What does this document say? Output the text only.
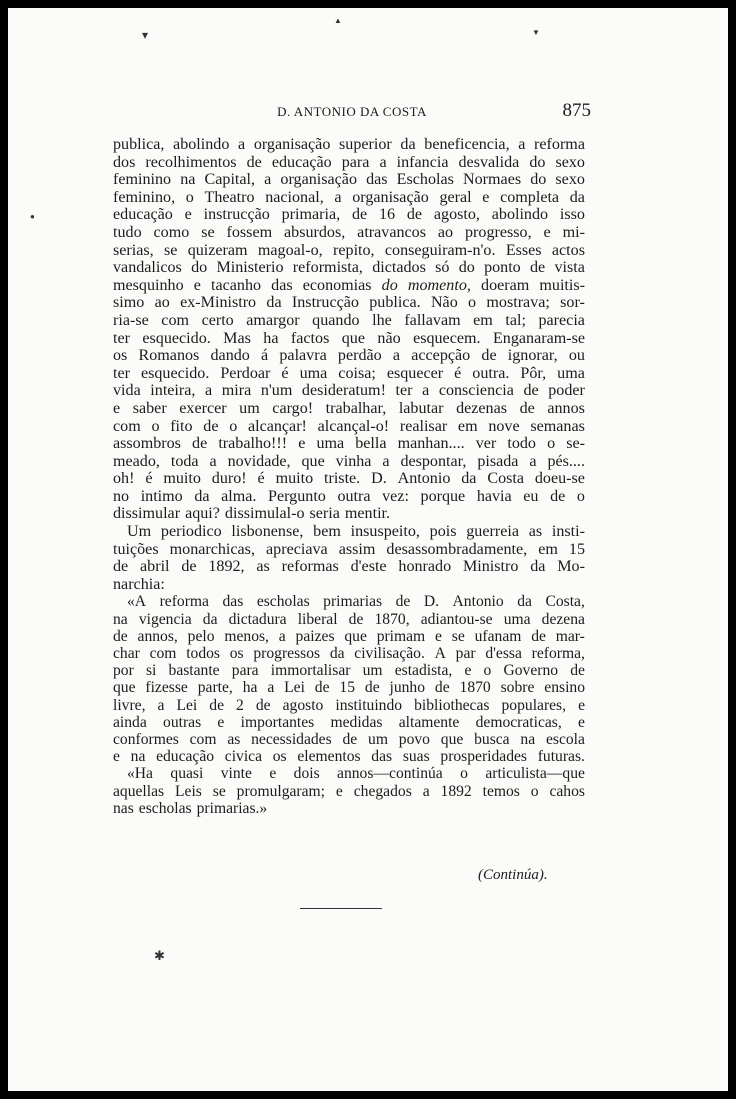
▾
▲
▼
●
D. ANTONIO DA COSTA	875
publica, abolindo a organisação superior da beneficencia, a reforma
dos recolhimentos de educação para a infancia desvalida do sexo
feminino na Capital, a organisação das Escholas Normaes do sexo
feminino, o Theatro nacional, a organisação geral e completa da
educação e instrucção primaria, de 16 de agosto, abolindo isso
tudo como se fossem absurdos, atravancos ao progresso, e mi-
serias, se quizeram magoal-o, repito, conseguiram-n'o. Esses actos
vandalicos do Ministerio reformista, dictados só do ponto de vista
mesquinho e tacanho das economias do momento, doeram muitis-
simo ao ex-Ministro da Instrucção publica. Não o mostrava; sor-
ria-se com certo amargor quando lhe fallavam em tal; parecia
ter esquecido. Mas ha factos que não esquecem. Enganaram-se
os Romanos dando á palavra perdão a accepção de ignorar, ou
ter esquecido. Perdoar é uma coisa; esquecer é outra. Pôr, uma
vida inteira, a mira n'um desideratum! ter a consciencia de poder
e saber exercer um cargo! trabalhar, labutar dezenas de annos
com o fito de o alcançar! alcançal-o! realisar em nove semanas
assombros de trabalho!!! e uma bella manhan.... ver todo o se-
meado, toda a novidade, que vinha a despontar, pisada a pés....
oh! é muito duro! é muito triste. D. Antonio da Costa doeu-se
no intimo da alma. Pergunto outra vez: porque havia eu de o
dissimular aqui? dissimulal-o seria mentir.
Um periodico lisbonense, bem insuspeito, pois guerreia as insti-
tuições monarchicas, apreciava assim desassombradamente, em 15
de abril de 1892, as reformas d'este honrado Ministro da Mo-
narchia:
«A reforma das escholas primarias de D. Antonio da Costa,
na vigencia da dictadura liberal de 1870, adiantou-se uma dezena
de annos, pelo menos, a paizes que primam e se ufanam de mar-
char com todos os progressos da civilisação. A par d'essa reforma,
por si bastante para immortalisar um estadista, e o Governo de
que fizesse parte, ha a Lei de 15 de junho de 1870 sobre ensino
livre, a Lei de 2 de agosto instituindo bibliothecas populares, e
ainda outras e importantes medidas altamente democraticas, e
conformes com as necessidades de um povo que busca na escola
e na educação civica os elementos das suas prosperidades futuras.
«Ha quasi vinte e dois annos—continúa o articulista—que
aquellas Leis se promulgaram; e chegados a 1892 temos o cahos
nas escholas primarias.»
(Continúa).
✱
